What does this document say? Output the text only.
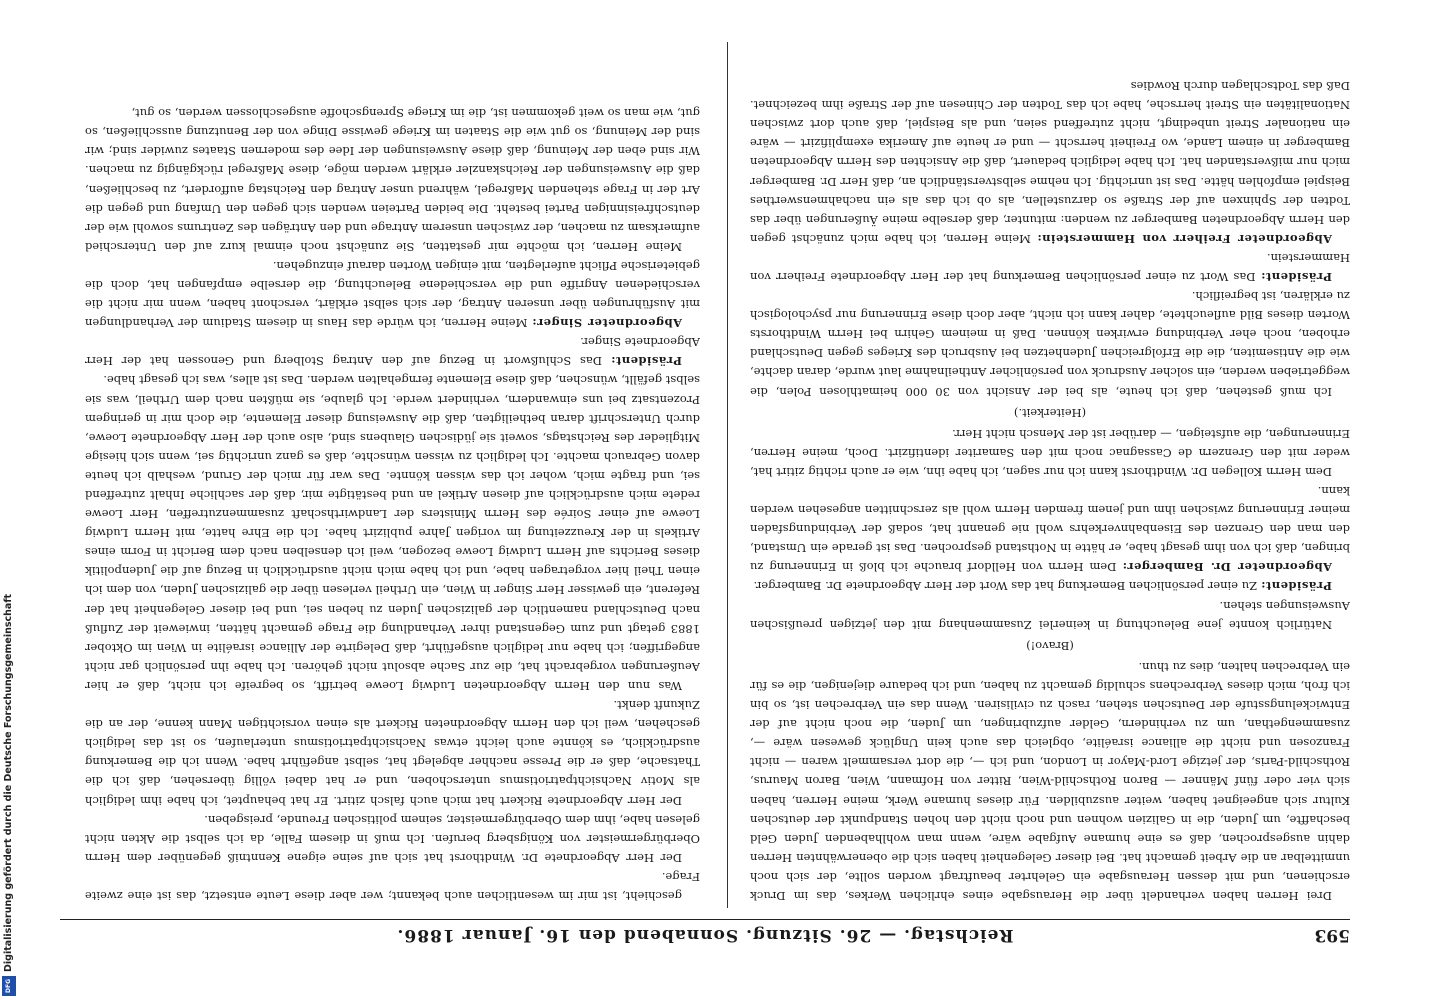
593
Reichstag. — 26. Sitzung. Sonnabend den 16. Januar 1886.

Drei Herren haben verhandelt über die Herausgabe eines ehrlichen Werkes, das im Druck erschienen, und mit dessen Herausgabe ein Gelehrter beauftragt worden sollte, der sich noch unmittelbar an die Arbeit gemacht hat. Bei dieser Gelegenheit haben sich die obenerwähnten Herren dahin ausgesprochen, daß es eine humane Aufgabe wäre, wenn man wohlhabenden Juden Geld beschaffte, um Juden, die in Galizien wohnen und noch nicht den hohen Standpunkt der deutschen Kultur sich angeeignet haben, weiter auszubilden. Für dieses humane Werk, meine Herren, haben sich vier oder fünf Männer — Baron Rothschild-Wien, Ritter von Hofmann, Wien, Baron Maurus, Rothschild-Paris, der jetzige Lord-Mayor in London, und ich —, die dort versammelt waren — nicht Franzosen und nicht die alliance israélite, obgleich das auch kein Unglück gewesen wäre —, zusammengethan, um zu verhindern, Gelder aufzubringen, um Juden, die noch nicht auf der Entwickelungsstufe der Deutschen stehen, rasch zu civilisiren. Wenn das ein Verbrechen ist, so bin ich froh, mich dieses Verbrechens schuldig gemacht zu haben, und ich bedaure diejenigen, die es für ein Verbrechen halten, dies zu thun.

(Bravo!)

Natürlich konnte jene Beleuchtung in keinerlei Zusammenhang mit den jetzigen preußischen Ausweisungen stehen.

Präsident: Zu einer persönlichen Bemerkung hat das Wort der Herr Abgeordnete Dr. Bamberger.

Abgeordneter Dr. Bamberger: Dem Herrn von Helldorf brauche ich bloß in Erinnerung zu bringen, daß ich von ihm gesagt habe, er hätte in Nothstand gesprochen. Das ist gerade ein Umstand, den man den Grenzen des Eisenbahnverkehrs wohl nie genannt hat, sodaß der Verbindungsfaden meiner Erinnerung zwischen ihm und jenem fremden Herrn wohl als zerschnitten angesehen werden kann.

Dem Herrn Kollegen Dr. Windthorst kann ich nur sagen, ich habe ihn, wie er auch richtig zitirt hat, weder mit den Grenzern de Cassagnac noch mit den Samariter identifizirt. Doch, meine Herren, Erinnerungen, die aufsteigen, — darüber ist der Mensch nicht Herr.

(Heiterkeit.)

Ich muß gestehen, daß ich heute, als bei der Ansicht von 30 000 heimathlosen Polen, die weggetrieben werden, ein solcher Ausdruck von persönlicher Antheilnahme laut wurde, daran dachte, wie die Antisemiten, die die Erfolgreichen Judenhetzen bei Ausbruch des Krieges gegen Deutschland erhoben, noch eher Verbindung erwirken können. Daß in meinem Gehirn bei Herrn Windthorsts Worten dieses Bild aufleuchtete, daher kann ich nicht, aber doch diese Erinnerung nur psychologisch zu erklären, ist begreiflich.

Präsident: Das Wort zu einer persönlichen Bemerkung hat der Herr Abgeordnete Freiherr von Hammerstein.

Abgeordneter Freiherr von Hammerstein: Meine Herren, ich habe mich zunächst gegen den Herrn Abgeordneten Bamberger zu wenden: mitunter, daß derselbe meine Äußerungen über das Todten der Sphinxen auf der Straße so darzustellen, als ob ich das als ein nachahmenswerthes Beispiel empfohlen hätte. Das ist unrichtig. Ich nehme selbstverständlich an, daß Herr Dr. Bamberger mich nur mißverstanden hat. Ich habe lediglich bedauert, daß die Ansichten des Herrn Abgeordneten Bamberger in einem Lande, wo Freiheit herrscht — und er heute auf Amerika exemplifizirt — wäre ein nationaler Streit unbedingt, nicht zutreffend seien, und als Beispiel, daß auch dort zwischen Nationalitäten ein Streit herrsche, habe ich das Todten der Chinesen auf der Straße ihm bezeichnet. Daß das Todtschlagen durch Rowdies

geschieht, ist mir im wesentlichen auch bekannt; wer aber diese Leute entsetzt, das ist eine zweite Frage.

Der Herr Abgeordnete Dr. Windthorst hat sich auf seine eigene Kenntniß gegenüber dem Herrn Oberbürgermeister von Königsberg berufen. Ich muß in diesem Falle, da ich selbst die Akten nicht gelesen habe, ihm dem Oberbürgermeister, seinem politischen Freunde, preisgeben.

Der Herr Abgeordnete Rickert hat mich auch falsch zitirt. Er hat behauptet, ich habe ihm lediglich als Motiv Nachsichtpatriotismus unterschoben, und er hat dabei völlig übersehen, daß ich die Thatsache, daß er die Presse nachher abgelegt hat, selbst angeführt habe. Wenn ich die Bemerkung ausdrücklich, es könnte auch leicht etwas Nachsichtpatriotismus unterlaufen, so ist das lediglich geschehen, weil ich den Herrn Abgeordneten Rickert als einen vorsichtigen Mann kenne, der an die Zukunft denkt.

Was nun den Herrn Abgeordneten Ludwig Loewe betrifft, so begreife ich nicht, daß er hier Aeußerungen vorgebracht hat, die zur Sache absolut nicht gehören. Ich habe ihn persönlich gar nicht angegriffen; ich habe nur lediglich ausgeführt, daß Delegirte der Alliance israélite in Wien im Oktober 1883 getagt und zum Gegenstand ihrer Verhandlung die Frage gemacht hätten, inwieweit der Zufluß nach Deutschland namentlich der galizischen Juden zu heben sei, und bei dieser Gelegenheit hat der Referent, ein gewisser Herr Singer in Wien, ein Urtheil verlesen über die galizischen Juden, von dem ich einen Theil hier vorgetragen habe, und ich habe mich nicht ausdrücklich in Bezug auf die Judenpolitik dieses Berichts auf Herrn Ludwig Loewe bezogen, weil ich denselben nach dem Bericht in Form eines Artikels in der Kreuzzeitung im vorigen Jahre publizirt habe. Ich die Ehre hatte, mit Herrn Ludwig Loewe auf einer Soirée des Herrn Ministers der Landwirthschaft zusammenzutreffen, Herr Loewe redete mich ausdrücklich auf diesen Artikel an und bestätigte mir, daß der sachliche Inhalt zutreffend sei, und fragte mich, woher ich das wissen könnte. Das war für mich der Grund, weshalb ich heute davon Gebrauch machte. Ich lediglich zu wissen wünschte, daß es ganz unrichtig sei, wenn sich hiesige Mitglieder des Reichstags, soweit sie jüdischen Glaubens sind, also auch der Herr Abgeordnete Loewe, durch Unterschrift daran betheiligten, daß die Ausweisung dieser Elemente, die doch mir in geringem Prozentsatz bei uns einwandern, verhindert werde. Ich glaube, sie müßten nach dem Urtheil, was sie selbst gefällt, wünschen, daß diese Elemente ferngehalten werden. Das ist alles, was ich gesagt habe.

Präsident: Das Schlußwort in Bezug auf den Antrag Stolberg und Genossen hat der Herr Abgeordnete Singer.

Abgeordneter Singer: Meine Herren, ich würde das Haus in diesem Stadium der Verhandlungen mit Ausführungen über unseren Antrag, der sich selbst erklärt, verschont haben, wenn mir nicht die verschiedenen Angriffe und die verschiedene Beleuchtung, die derselbe empfangen hat, doch die gebieterische Pflicht auferlegten, mit einigen Worten darauf einzugehen.

Meine Herren, ich möchte mir gestatten, Sie zunächst noch einmal kurz auf den Unterschied aufmerksam zu machen, der zwischen unserem Antrage und den Anträgen des Zentrums sowohl wie der deutschfreisinnigen Partei besteht. Die beiden Parteien wenden sich gegen den Umfang und gegen die Art der in Frage stehenden Maßregel, während unser Antrag den Reichstag auffordert, zu beschließen, daß die Ausweisungen der Reichskanzler erklärt werden möge, diese Maßregel rückgängig zu machen. Wir sind eben der Meinung, daß diese Ausweisungen der Idee des modernen Staates zuwider sind; wir sind der Meinung, so gut wie die Staaten im Kriege gewisse Dinge von der Benutzung ausschließen, so gut, wie man so weit gekommen ist, die im Kriege Sprengschoffe ausgeschlossen werden, so gut,

Digitalisierung gefördert durch die Deutsche Forschungsgemeinschaft
DFG
